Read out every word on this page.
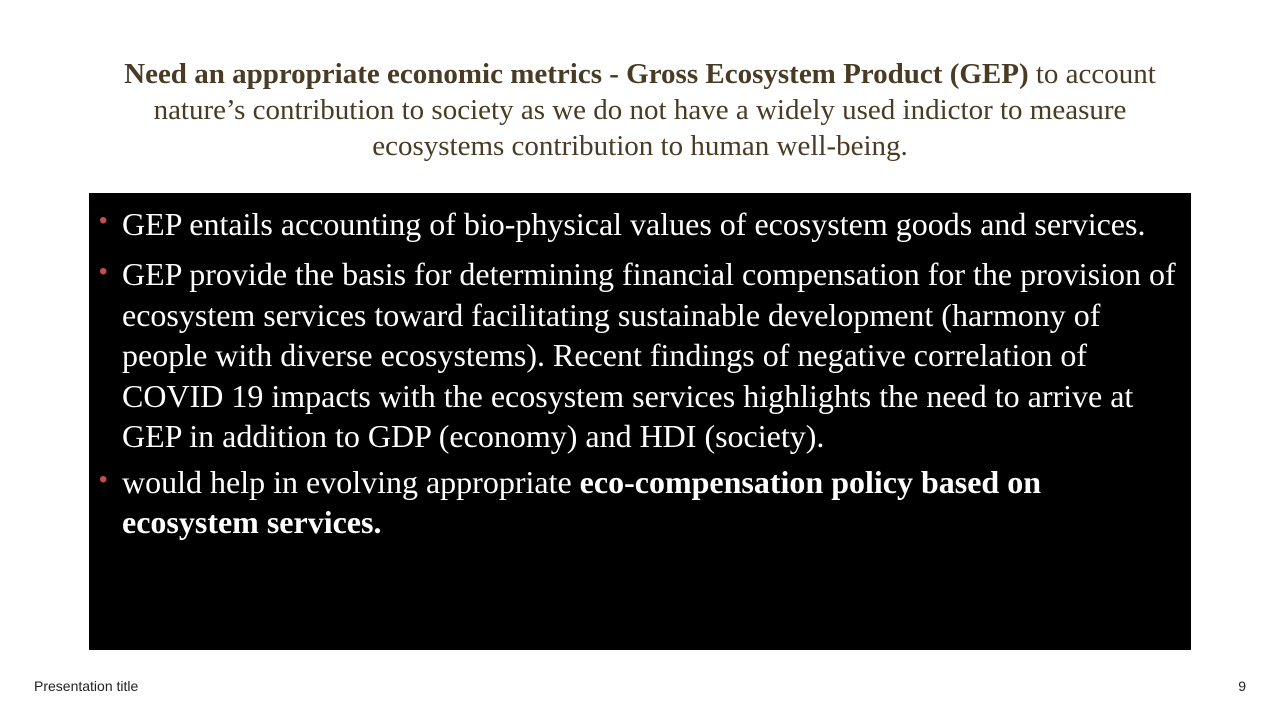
Need an appropriate economic metrics - Gross Ecosystem Product (GEP) to account nature’s contribution to society as we do not have a widely used indictor to measure ecosystems contribution to human well-being.
• GEP entails accounting of bio-physical values of ecosystem goods and services.
• GEP provide the basis for determining financial compensation for the provision of ecosystem services toward facilitating sustainable development (harmony of people with diverse ecosystems). Recent findings of negative correlation of COVID 19 impacts with the ecosystem services highlights the need to arrive at GEP in addition to GDP (economy) and HDI (society).
• would help in evolving appropriate eco-compensation policy based on ecosystem services.
Presentation title	9
